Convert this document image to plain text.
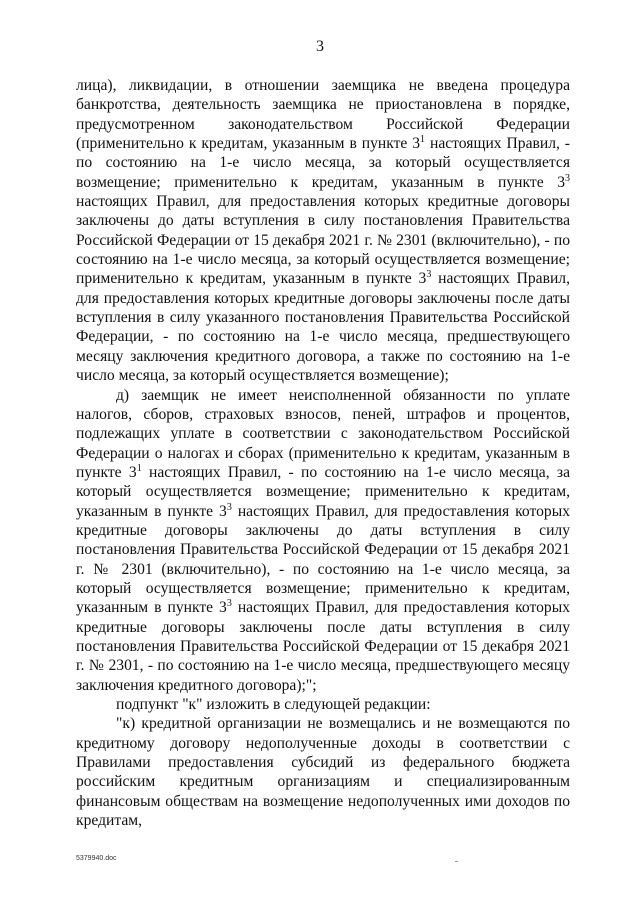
3

лица), ликвидации, в отношении заемщика не введена процедура банкротства, деятельность заемщика не приостановлена в порядке, предусмотренном законодательством Российской Федерации (применительно к кредитам, указанным в пункте $3^1$ настоящих Правил, - по состоянию на 1-е число месяца, за который осуществляется возмещение; применительно к кредитам, указанным в пункте $3^3$ настоящих Правил, для предоставления которых кредитные договоры заключены до даты вступления в силу постановления Правительства Российской Федерации от 15 декабря 2021 г. № 2301 (включительно), - по состоянию на 1-е число месяца, за который осуществляется возмещение; применительно к кредитам, указанным в пункте $3^3$ настоящих Правил, для предоставления которых кредитные договоры заключены после даты вступления в силу указанного постановления Правительства Российской Федерации, - по состоянию на 1-е число месяца, предшествующего месяцу заключения кредитного договора, а также по состоянию на 1-е число месяца, за который осуществляется возмещение);

д) заемщик не имеет неисполненной обязанности по уплате налогов, сборов, страховых взносов, пеней, штрафов и процентов, подлежащих уплате в соответствии с законодательством Российской Федерации о налогах и сборах (применительно к кредитам, указанным в пункте $3^1$ настоящих Правил, - по состоянию на 1-е число месяца, за который осуществляется возмещение; применительно к кредитам, указанным в пункте $3^3$ настоящих Правил, для предоставления которых кредитные договоры заключены до даты вступления в силу постановления Правительства Российской Федерации от 15 декабря 2021 г. № 2301 (включительно), - по состоянию на 1-е число месяца, за который осуществляется возмещение; применительно к кредитам, указанным в пункте $3^3$ настоящих Правил, для предоставления которых кредитные договоры заключены после даты вступления в силу постановления Правительства Российской Федерации от 15 декабря 2021 г. № 2301, - по состоянию на 1-е число месяца, предшествующего месяцу заключения кредитного договора);";

подпункт "к" изложить в следующей редакции:

"к) кредитной организации не возмещались и не возмещаются по кредитному договору недополученные доходы в соответствии с Правилами предоставления субсидий из федерального бюджета российским кредитным организациям и специализированным финансовым обществам на возмещение недополученных ими доходов по кредитам,

5379940.doc
